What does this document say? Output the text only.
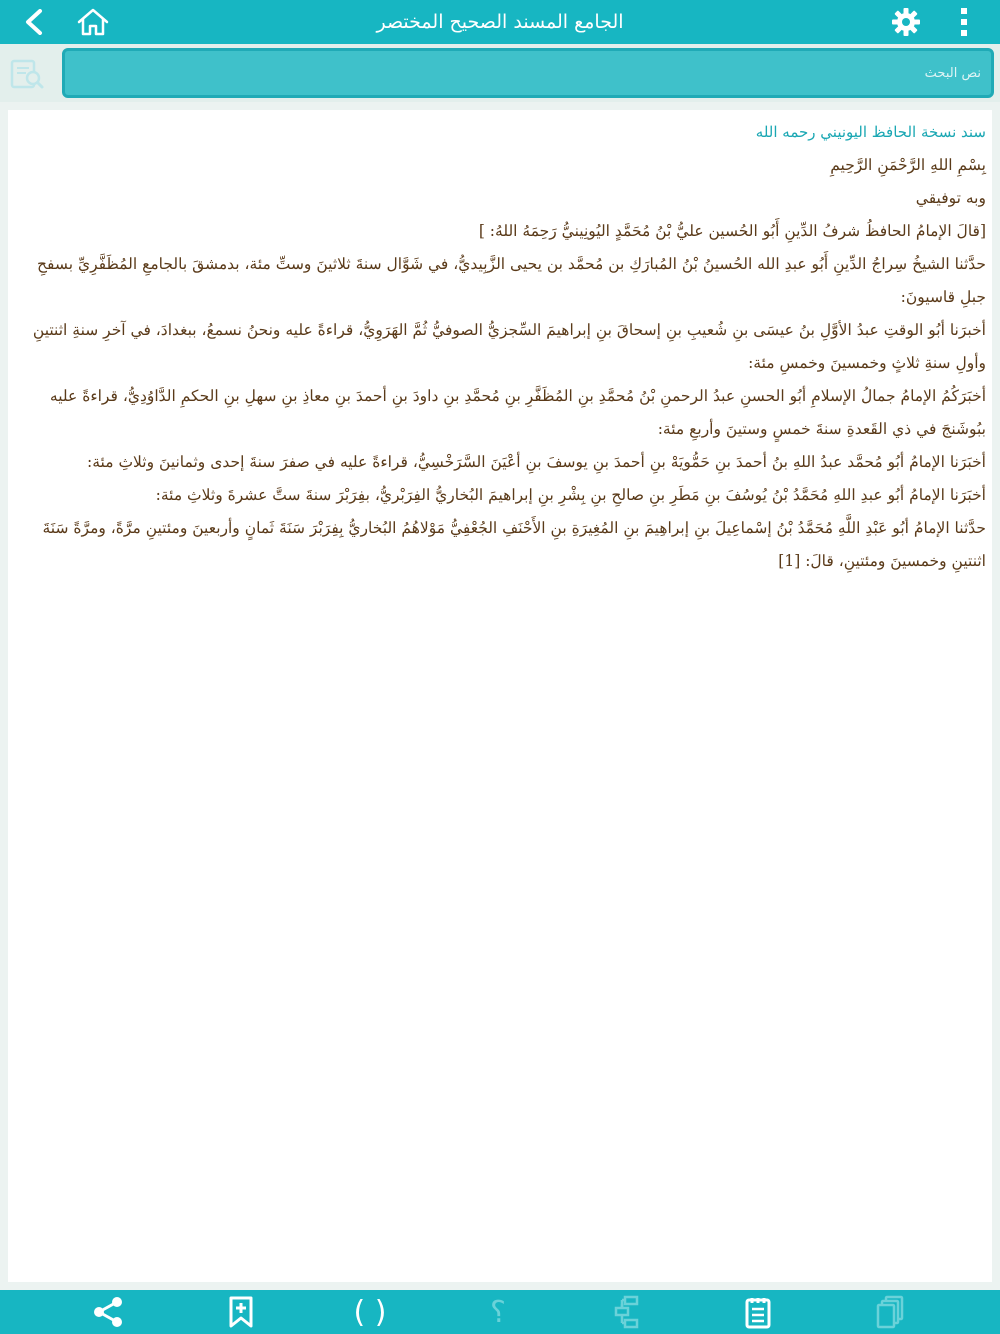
الجامع المسند الصحيح المختصر
نص البحث

سند نسخة الحافظ اليونيني رحمه الله

بِسْمِ اللهِ الرَّحْمَنِ الرَّحِيمِ

وبه توفيقي

[قالَ الإمامُ الحافظُ شرفُ الدِّينِ أَبُو الحُسين عليُّ بْنُ مُحَمَّدٍ اليُونِينيُّ رَحِمَهُ اللهُ: ]

حدَّثنا الشيخُ سِراجُ الدِّينِ أَبُو عبدِ الله الحُسينُ بْنُ المُبارَكِ بن مُحمَّد بن يحيى الزَّبِيديُّ، في شَوَّال سنةَ ثلاثينَ وستِّ مئة، بدمشقَ بالجامعِ المُظَفَّرِيِّ بسفحِ جبلِ قاسيونَ:

أخبرَنا أبُو الوقتِ عبدُ الأوَّلِ بنُ عيسَى بنِ شُعيبِ بنِ إسحاقَ بنِ إبراهيمَ السِّجزيُّ الصوفيُّ ثُمَّ الهَرَوِيُّ، قراءةً عليه ونحنُ نسمعُ، ببغدادَ، في آخرِ سنةِ اثنتينِ وأولِ سنةِ ثلاثٍ وخمسينَ وخمسِ مئة:

أخبَرَكُمُ الإمامُ جمالُ الإسلامِ أبُو الحسنِ عبدُ الرحمنِ بْنُ مُحمَّدِ بنِ المُظَفَّرِ بنِ مُحمَّدِ بنِ داودَ بنِ أحمدَ بنِ معاذِ بنِ سهلِ بنِ الحكمِ الدَّاوُدِيُّ، قراءةً عليه ببُوشَنجَ في ذي القَعدةِ سنةَ خمسٍ وستينَ وأربعِ مئة:

أخبَرَنا الإمامُ أبُو مُحمَّد عبدُ اللهِ بنُ أحمدَ بنِ حَمُّويَهْ بنِ أحمدَ بنِ يوسفَ بنِ أعْيَنَ السَّرَخْسِيُّ، قراءةً عليه في صفرَ سنةَ إحدى وثمانينَ وثلاثِ مئة:

أخبَرَنا الإمامُ أبُو عبدِ اللهِ مُحَمَّدُ بْنُ يُوسُفَ بنِ مَطَرِ بنِ صالحِ بنِ بِشْرِ بنِ إبراهيمَ البُخاريُّ الفِرَبْريُّ، بفِرَبْرَ سنةَ ستَّ عشرةَ وثلاثِ مئة:

حدَّثنا الإمامُ أبُو عَبْدِ اللَّهِ مُحَمَّدُ بْنُ إسْماعِيلَ بنِ إبراهِيمَ بنِ المُغِيرَةِ بنِ الأَحْنَفِ الجُعْفِيُّ مَوْلاهُمُ البُخاريُّ بِفِرَبْرَ سَنَةَ ثَمانٍ وأربعينَ ومئتينِ مرَّةً، ومرَّةً سَنَةَ اثنتينِ وخمسينَ ومئتينِ، قالَ: [1]

( )	؟
